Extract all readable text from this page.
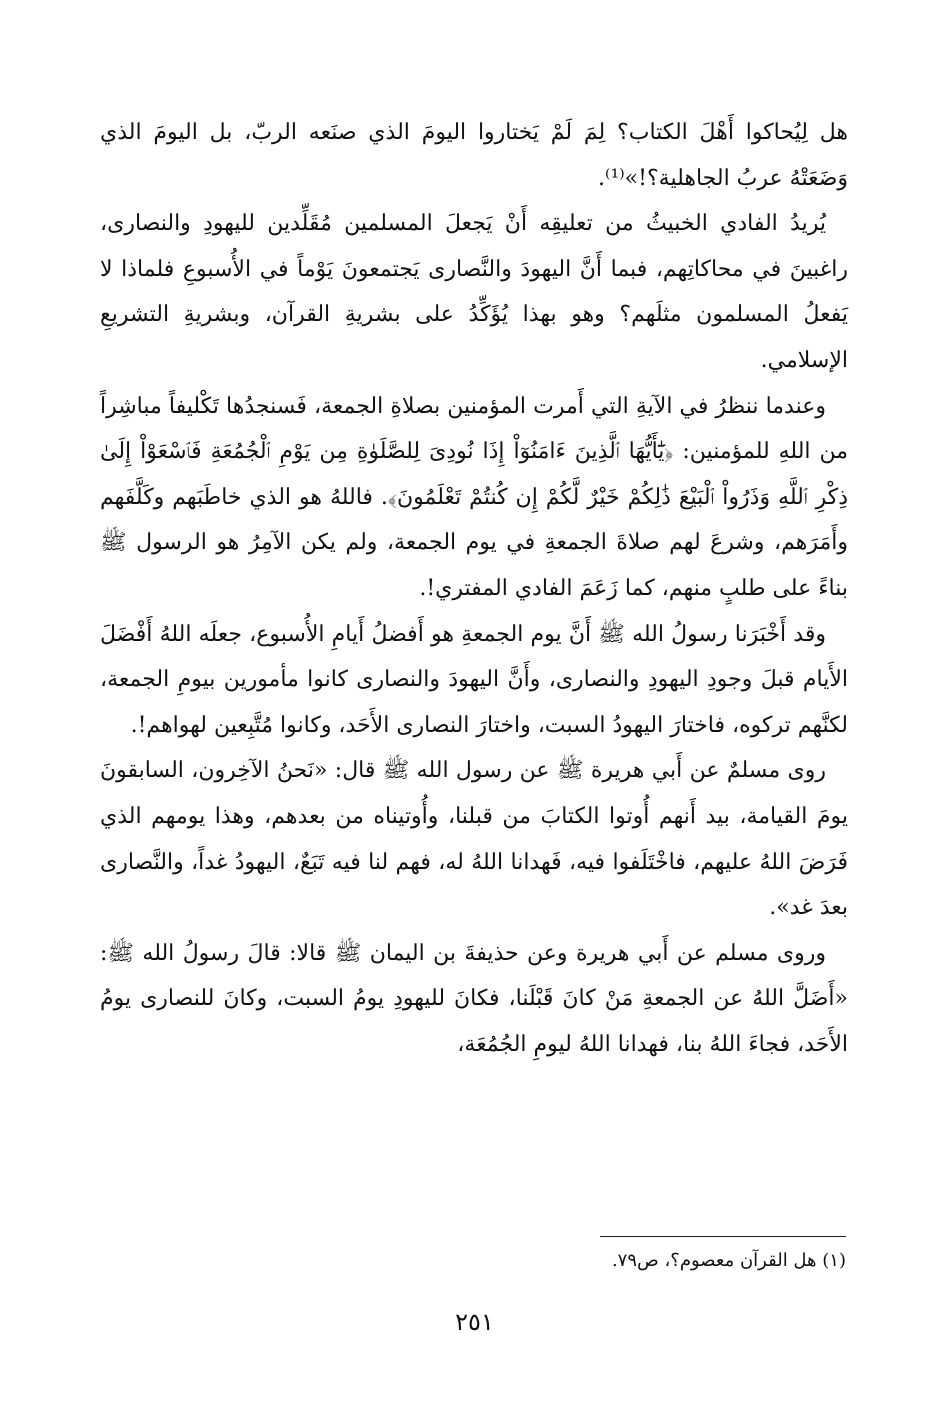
هل لِيُحاكوا أَهْلَ الكتاب؟ لِمَ لَمْ يَختاروا اليومَ الذي صنَعه الربّ، بل اليومَ الذي وَضَعَتْهُ عربُ الجاهلية؟!»⁽¹⁾.

يُريدُ الفادي الخبيثُ من تعليقِه أَنْ يَجعلَ المسلمين مُقَلِّدين لليهودِ والنصارى، راغبينَ في محاكاتِهم، فبما أَنَّ اليهودَ والنَّصارى يَجتمعونَ يَوْماً في الأُسبوعِ فلماذا لا يَفعلُ المسلمون مثلَهم؟ وهو بهذا يُؤَكِّدُ على بشريةِ القرآن، وبشريةِ التشريعِ الإسلامي.

وعندما ننظرُ في الآيةِ التي أَمرت المؤمنين بصلاةِ الجمعة، فَسنجدُها تَكْليفاً مباشِراً من اللهِ للمؤمنين: ﴿يَٰٓأَيُّهَا ٱلَّذِينَ ءَامَنُوٓاْ إِذَا نُودِىَ لِلصَّلَوٰةِ مِن يَوْمِ ٱلْجُمُعَةِ فَٱسْعَوْاْ إِلَىٰ ذِكْرِ ٱللَّهِ وَذَرُواْ ٱلْبَيْعَ ذَٰلِكُمْ خَيْرٌ لَّكُمْ إِن كُنتُمْ تَعْلَمُونَ﴾. فاللهُ هو الذي خاطَبَهم وكَلَّفَهم وأَمَرَهم، وشرعَ لهم صلاةَ الجمعةِ في يوم الجمعة، ولم يكن الآمِرُ هو الرسول ﷺ بناءً على طلبٍ منهم، كما زَعَمَ الفادي المفتري!.

وقد أَخْبَرَنا رسولُ الله ﷺ أَنَّ يوم الجمعةِ هو أَفضلُ أَيامِ الأُسبوع، جعلَه اللهُ أَفْضَلَ الأَيام قبلَ وجودِ اليهودِ والنصارى، وأَنَّ اليهودَ والنصارى كانوا مأمورين بيومِ الجمعة، لكنَّهم تركوه، فاختارَ اليهودُ السبت، واختارَ النصارى الأَحَد، وكانوا مُتَّبِعين لهواهم!.

روى مسلمٌ عن أَبي هريرة ﷺ عن رسول الله ﷺ قال: «نَحنُ الآخِرون، السابقونَ يومَ القيامة، بيد أَنهم أُوتوا الكتابَ من قبلنا، وأُوتيناه من بعدهم، وهذا يومهم الذي فَرَضَ اللهُ عليهم، فاخْتَلَفوا فيه، فَهدانا اللهُ له، فهم لنا فيه تَبَعٌ، اليهودُ غداً، والنَّصارى بعدَ غد».

وروى مسلم عن أَبي هريرة وعن حذيفةَ بن اليمان ﷺ قالا: قالَ رسولُ الله ﷺ: «أَضَلَّ اللهُ عن الجمعةِ مَنْ كانَ قَبْلَنا، فكانَ لليهودِ يومُ السبت، وكانَ للنصارى يومُ الأَحَد، فجاءَ اللهُ بنا، فهدانا اللهُ ليومِ الجُمُعَة،

(١) هل القرآن معصوم؟، ص٧٩.

٢٥١
